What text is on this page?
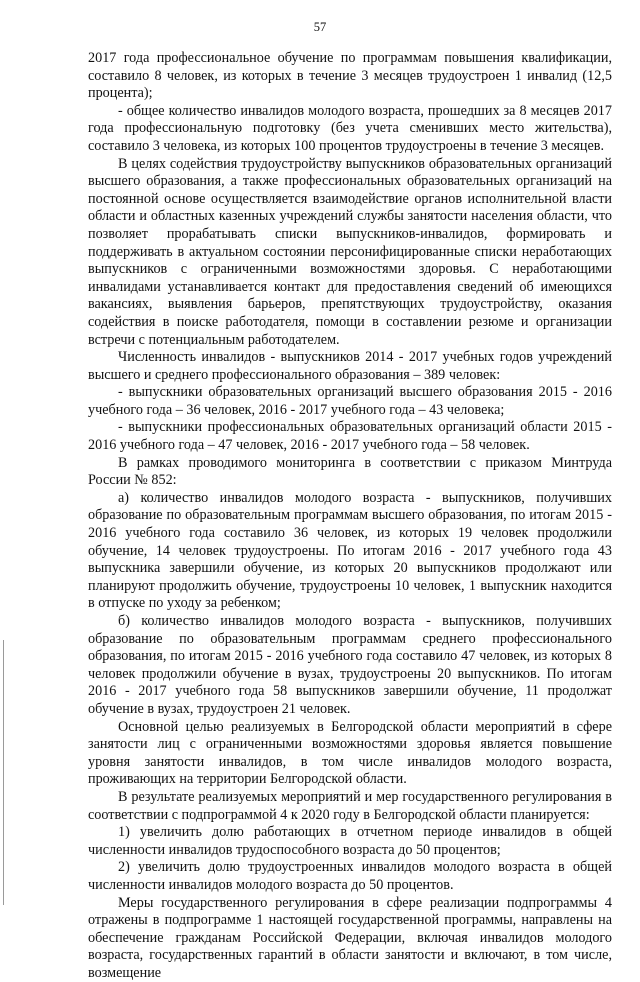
57

2017 года профессиональное обучение по программам повышения квалификации, составило 8 человек, из которых в течение 3 месяцев трудоустроен 1 инвалид (12,5 процента);

- общее количество инвалидов молодого возраста, прошедших за 8 месяцев 2017 года профессиональную подготовку (без учета сменивших место жительства), составило 3 человека, из которых 100 процентов трудоустроены в течение 3 месяцев.

В целях содействия трудоустройству выпускников образовательных организаций высшего образования, а также профессиональных образовательных организаций на постоянной основе осуществляется взаимодействие органов исполнительной власти области и областных казенных учреждений службы занятости населения области, что позволяет прорабатывать списки выпускников-инвалидов, формировать и поддерживать в актуальном состоянии персонифицированные списки неработающих выпускников с ограниченными возможностями здоровья. С неработающими инвалидами устанавливается контакт для предоставления сведений об имеющихся вакансиях, выявления барьеров, препятствующих трудоустройству, оказания содействия в поиске работодателя, помощи в составлении резюме и организации встречи с потенциальным работодателем.

Численность инвалидов - выпускников 2014 - 2017 учебных годов учреждений высшего и среднего профессионального образования – 389 человек:

- выпускники образовательных организаций высшего образования 2015 - 2016 учебного года – 36 человек, 2016 - 2017 учебного года – 43 человека;

- выпускники профессиональных образовательных организаций области 2015 - 2016 учебного года – 47 человек, 2016 - 2017 учебного года – 58 человек.

В рамках проводимого мониторинга в соответствии с приказом Минтруда России № 852:

а) количество инвалидов молодого возраста - выпускников, получивших образование по образовательным программам высшего образования, по итогам 2015 - 2016 учебного года составило 36 человек, из которых 19 человек продолжили обучение, 14 человек трудоустроены. По итогам 2016 - 2017 учебного года 43 выпускника завершили обучение, из которых 20 выпускников продолжают или планируют продолжить обучение, трудоустроены 10 человек, 1 выпускник находится в отпуске по уходу за ребенком;

б) количество инвалидов молодого возраста - выпускников, получивших образование по образовательным программам среднего профессионального образования, по итогам 2015 - 2016 учебного года составило 47 человек, из которых 8 человек продолжили обучение в вузах, трудоустроены 20 выпускников. По итогам 2016 - 2017 учебного года 58 выпускников завершили обучение, 11 продолжат обучение в вузах, трудоустроен 21 человек.

Основной целью реализуемых в Белгородской области мероприятий в сфере занятости лиц с ограниченными возможностями здоровья является повышение уровня занятости инвалидов, в том числе инвалидов молодого возраста, проживающих на территории Белгородской области.

В результате реализуемых мероприятий и мер государственного регулирования в соответствии с подпрограммой 4 к 2020 году в Белгородской области планируется:

1) увеличить долю работающих в отчетном периоде инвалидов в общей численности инвалидов трудоспособного возраста до 50 процентов;

2) увеличить долю трудоустроенных инвалидов молодого возраста в общей численности инвалидов молодого возраста до 50 процентов.

Меры государственного регулирования в сфере реализации подпрограммы 4 отражены в подпрограмме 1 настоящей государственной программы, направлены на обеспечение гражданам Российской Федерации, включая инвалидов молодого возраста, государственных гарантий в области занятости и включают, в том числе, возмещение
